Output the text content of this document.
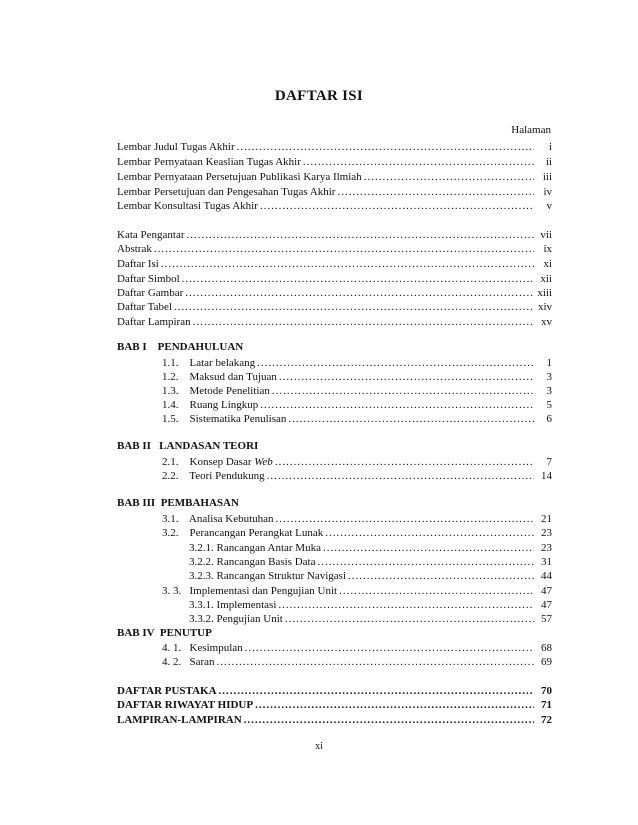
DAFTAR ISI
Halaman
Lembar Judul Tugas Akhir .....	i
Lembar Pernyataan Keaslian Tugas Akhir .....	ii
Lembar Pernyataan Persetujuan Publikasi Karya Ilmiah .....	iii
Lembar Persetujuan dan Pengesahan Tugas Akhir .....	iv
Lembar Konsultasi Tugas Akhir .....	v
Kata Pengantar .....	vii
Abstrak .....	ix
Daftar Isi .....	xi
Daftar Simbol .....	xii
Daftar Gambar .....	xiii
Daftar Tabel .....	xiv
Daftar Lampiran .....	xv
BAB I    PENDAHULUAN
1.1.    Latar belakang .....	1
1.2.    Maksud dan Tujuan .....	3
1.3.    Metode Penelitian .....	3
1.4.    Ruang Lingkup .....	5
1.5.    Sistematika Penulisan .....	6
BAB II   LANDASAN TEORI
2.1.    Konsep Dasar Web .....	7
2.2.    Teori Pendukung .....	14
BAB III  PEMBAHASAN
3.1.    Analisa Kebutuhan .....	21
3.2.    Perancangan Perangkat Lunak .....	23
3.2.1. Rancangan Antar Muka .....	23
3.2.2. Rancangan Basis Data .....	31
3.2.3. Rancangan Struktur Navigasi .....	44
3. 3.   Implementasi dan Pengujian Unit .....	47
3.3.1. Implementasi .....	47
3.3.2. Pengujian Unit .....	57
BAB IV  PENUTUP
4. 1.   Kesimpulan .....	68
4. 2.   Saran .....	69
DAFTAR PUSTAKA .....	70
DAFTAR RIWAYAT HIDUP .....	71
LAMPIRAN-LAMPIRAN .....	72
xi
